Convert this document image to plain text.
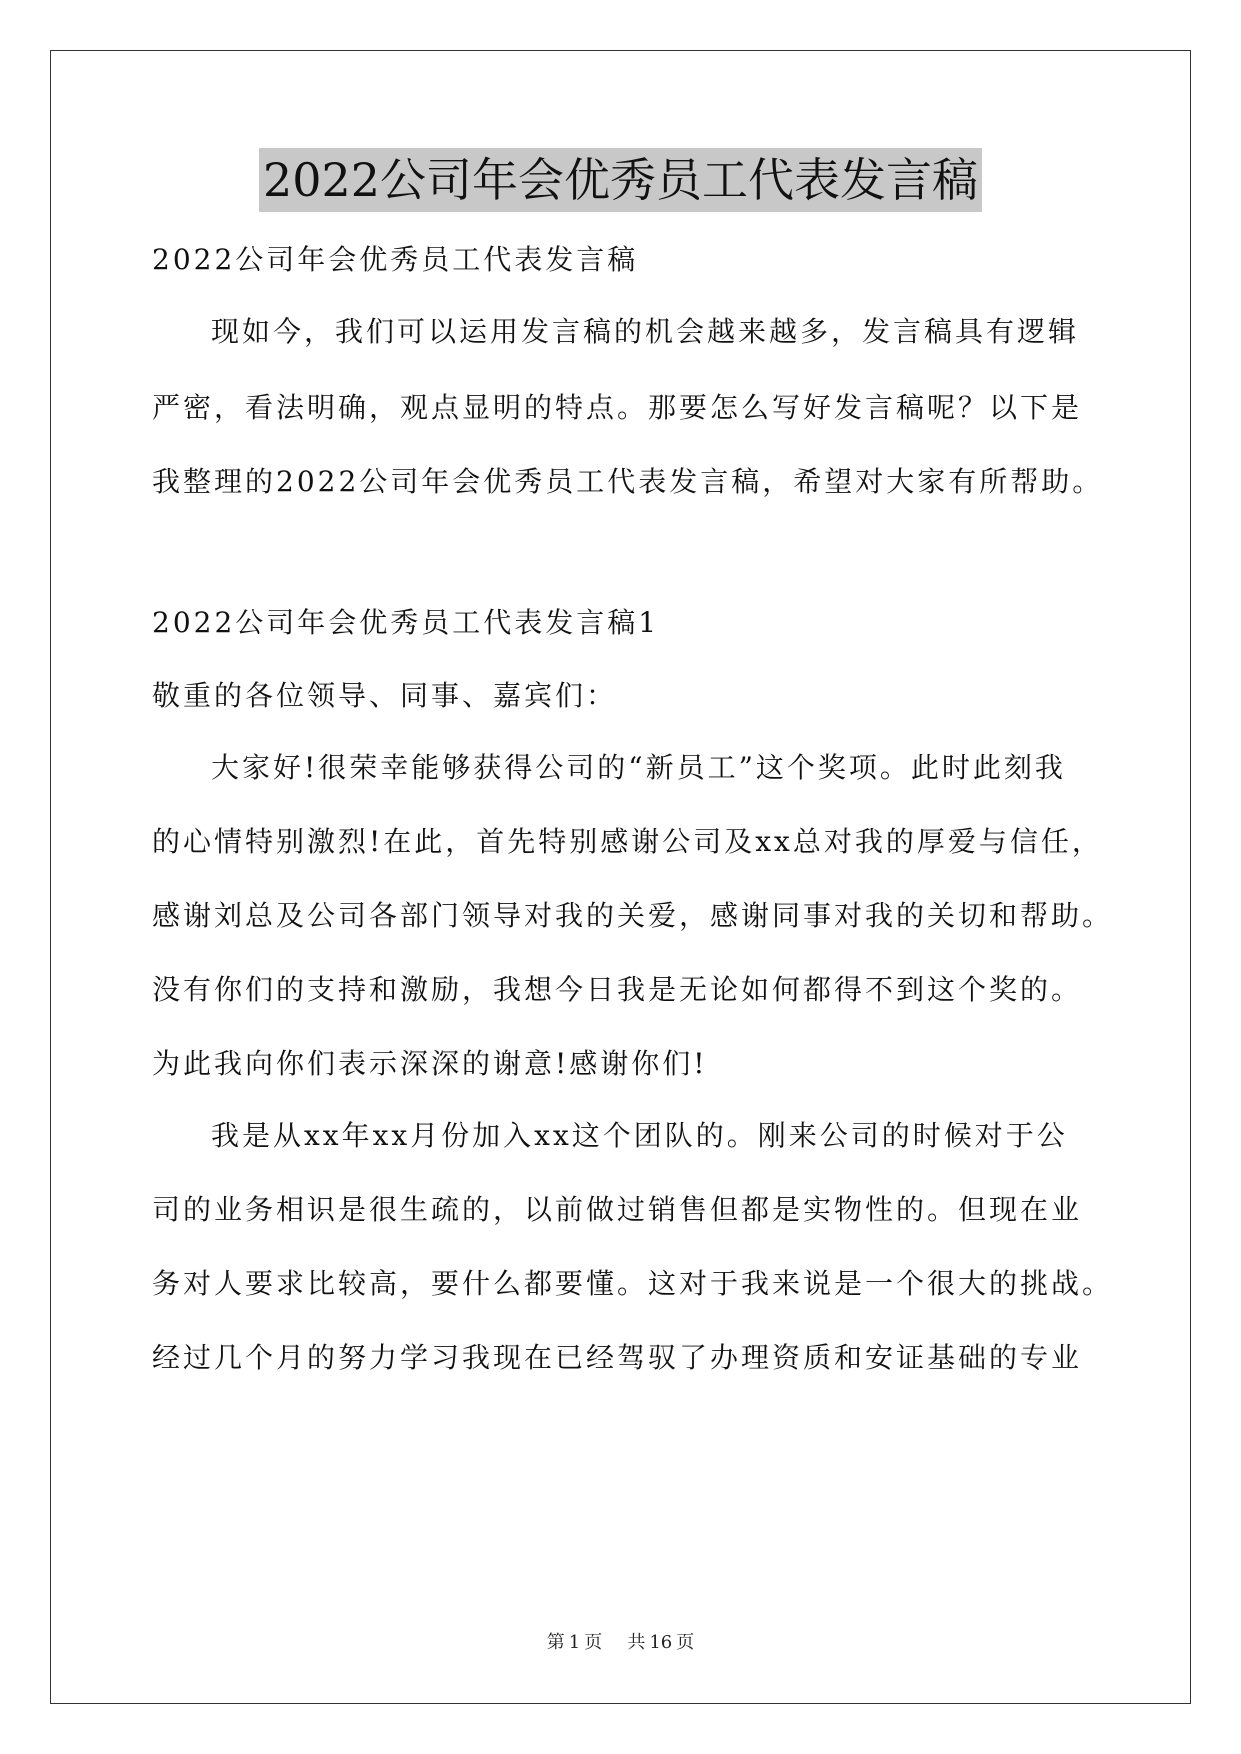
2022公司年会优秀员工代表发言稿
2022公司年会优秀员工代表发言稿
现如今，我们可以运用发言稿的机会越来越多，发言稿具有逻辑
严密，看法明确，观点显明的特点。那要怎么写好发言稿呢？以下是
我整理的2022公司年会优秀员工代表发言稿，希望对大家有所帮助。
2022公司年会优秀员工代表发言稿1
敬重的各位领导、同事、嘉宾们：
大家好!很荣幸能够获得公司的“新员工”这个奖项。此时此刻我
的心情特别激烈!在此，首先特别感谢公司及xx总对我的厚爱与信任，
感谢刘总及公司各部门领导对我的关爱，感谢同事对我的关切和帮助。
没有你们的支持和激励，我想今日我是无论如何都得不到这个奖的。
为此我向你们表示深深的谢意!感谢你们!
我是从xx年xx月份加入xx这个团队的。刚来公司的时候对于公
司的业务相识是很生疏的，以前做过销售但都是实物性的。但现在业
务对人要求比较高，要什么都要懂。这对于我来说是一个很大的挑战。
经过几个月的努力学习我现在已经驾驭了办理资质和安证基础的专业
第 1 页 共 16 页
